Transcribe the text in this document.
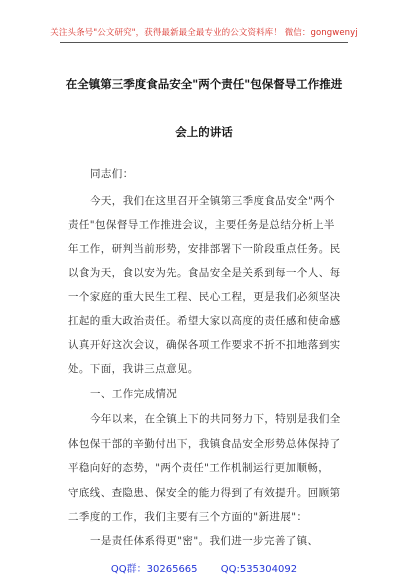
关注头条号"公文研究"，获得最新最全最专业的公文资料库！ 微信：gongwenyj
在全镇第三季度食品安全"两个责任"包保督导工作推进
会上的讲话
同志们：
今天，我们在这里召开全镇第三季度食品安全"两个
责任"包保督导工作推进会议，主要任务是总结分析上半
年工作，研判当前形势，安排部署下一阶段重点任务。民
以食为天，食以安为先。食品安全是关系到每一个人、每
一个家庭的重大民生工程、民心工程，更是我们必须坚决
扛起的重大政治责任。希望大家以高度的责任感和使命感
认真开好这次会议，确保各项工作要求不折不扣地落到实
处。下面，我讲三点意见。
一、工作完成情况
今年以来，在全镇上下的共同努力下，特别是我们全
体包保干部的辛勤付出下，我镇食品安全形势总体保持了
平稳向好的态势，"两个责任"工作机制运行更加顺畅，
守底线、查隐患、保安全的能力得到了有效提升。回顾第
二季度的工作，我们主要有三个方面的"新进展"：
一是责任体系得更"密"。我们进一步完善了镇、
QQ群：30265665 QQ:535304092
